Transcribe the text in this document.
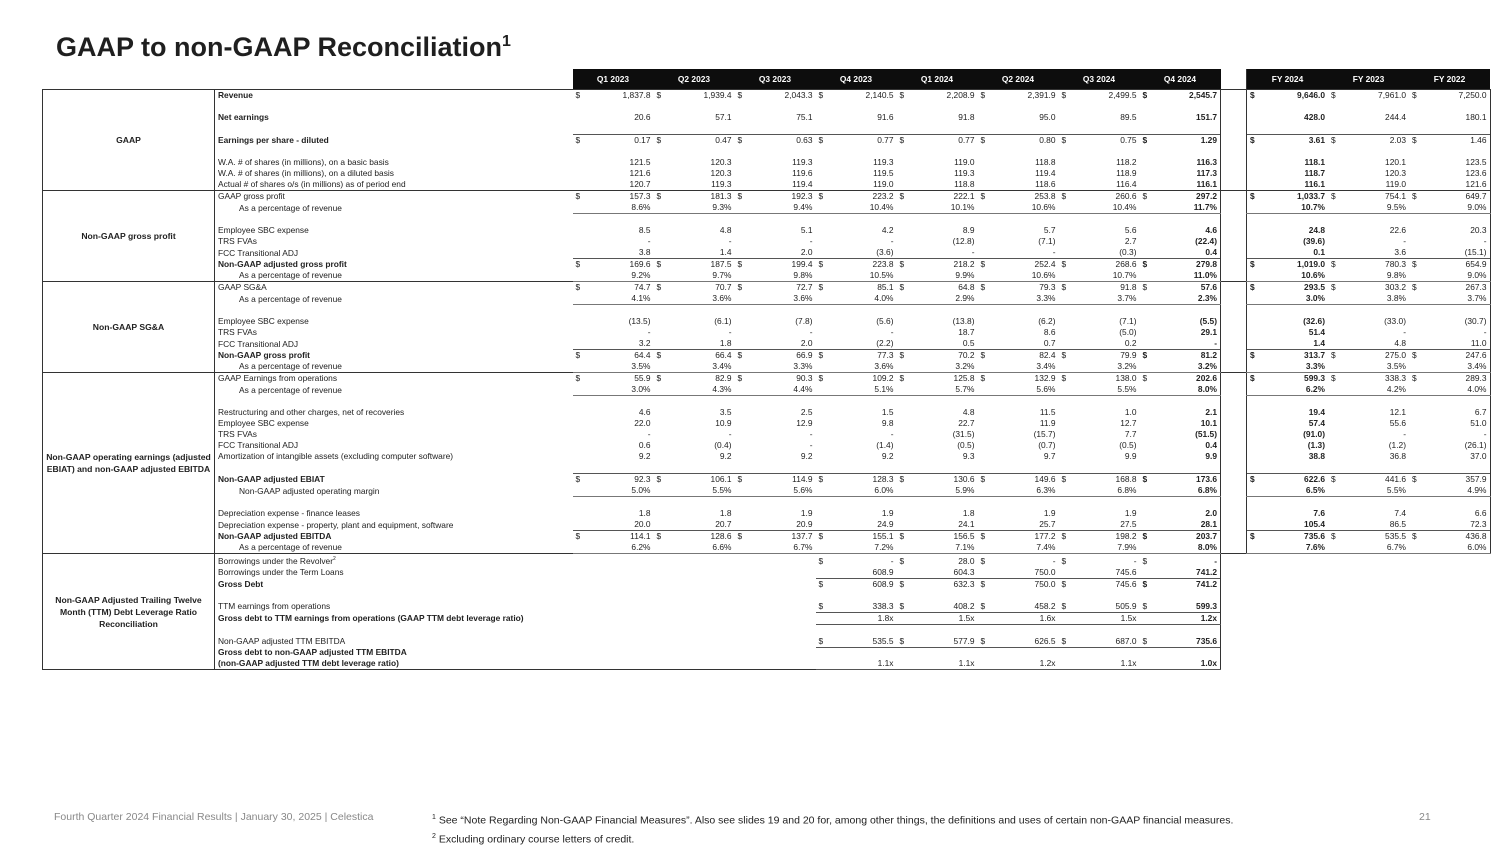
GAAP to non-GAAP Reconciliation$^1$
		Q1 2023		Q2 2023		Q3 2023		Q4 2023		Q1 2024		Q2 2024		Q3 2024		Q4 2024			FY 2024		FY 2023		FY 2022	
GAAP	Revenue	$	1,837.8	$	1,939.4	$	2,043.3	$	2,140.5	$	2,208.9	$	2,391.9	$	2,499.5	$	2,545.7		$	9,646.0	$	7,961.0	$	7,250.0

	Net earnings		20.6		57.1		75.1		91.6		91.8		95.0		89.5		151.7			428.0		244.4		180.1

	Earnings per share - diluted	$	0.17	$	0.47	$	0.63	$	0.77	$	0.77	$	0.80	$	0.75	$	1.29		$	3.61	$	2.03	$	1.46

	W.A. # of shares (in millions), on a basic basis		121.5		120.3		119.3		119.3		119.0		118.8		118.2		116.3			118.1		120.1		123.5
	W.A. # of shares (in millions), on a diluted basis		121.6		120.3		119.6		119.5		119.3		119.4		118.9		117.3			118.7		120.3		123.6
	Actual # of shares o/s (in millions) as of period end		120.7		119.3		119.4		119.0		118.8		118.6		116.4		116.1			116.1		119.0		121.6
Non-GAAP gross profit	GAAP gross profit	$	157.3	$	181.3	$	192.3	$	223.2	$	222.1	$	253.8	$	260.6	$	297.2		$	1,033.7	$	754.1	$	649.7
	As a percentage of revenue		8.6%		9.3%		9.4%		10.4%		10.1%		10.6%		10.4%		11.7%			10.7%		9.5%		9.0%

	Employee SBC expense		8.5		4.8		5.1		4.2		8.9		5.7		5.6		4.6			24.8		22.6		20.3
	TRS FVAs		-		-		-		-		(12.8)		(7.1)		2.7		(22.4)			(39.6)		-		-
	FCC Transitional ADJ		3.8		1.4		2.0		(3.6)		-		-		(0.3)		0.4			0.1		3.6		(15.1)
	Non-GAAP adjusted gross profit	$	169.6	$	187.5	$	199.4	$	223.8	$	218.2	$	252.4	$	268.6	$	279.8		$	1,019.0	$	780.3	$	654.9
	As a percentage of revenue		9.2%		9.7%		9.8%		10.5%		9.9%		10.6%		10.7%		11.0%			10.6%		9.8%		9.0%
Non-GAAP SG&A	GAAP SG&A	$	74.7	$	70.7	$	72.7	$	85.1	$	64.8	$	79.3	$	91.8	$	57.6		$	293.5	$	303.2	$	267.3
	As a percentage of revenue		4.1%		3.6%		3.6%		4.0%		2.9%		3.3%		3.7%		2.3%			3.0%		3.8%		3.7%

	Employee SBC expense		(13.5)		(6.1)		(7.8)		(5.6)		(13.8)		(6.2)		(7.1)		(5.5)			(32.6)		(33.0)		(30.7)
	TRS FVAs		-		-		-		-		18.7		8.6		(5.0)		29.1			51.4		-		-
	FCC Transitional ADJ		3.2		1.8		2.0		(2.2)		0.5		0.7		0.2		-			1.4		4.8		11.0
	Non-GAAP gross profit	$	64.4	$	66.4	$	66.9	$	77.3	$	70.2	$	82.4	$	79.9	$	81.2		$	313.7	$	275.0	$	247.6
	As a percentage of revenue		3.5%		3.4%		3.3%		3.6%		3.2%		3.4%		3.2%		3.2%			3.3%		3.5%		3.4%
Non-GAAP operating earnings (adjusted EBIAT) and non-GAAP adjusted EBITDA	GAAP Earnings from operations	$	55.9	$	82.9	$	90.3	$	109.2	$	125.8	$	132.9	$	138.0	$	202.6		$	599.3	$	338.3	$	289.3
	As a percentage of revenue		3.0%		4.3%		4.4%		5.1%		5.7%		5.6%		5.5%		8.0%			6.2%		4.2%		4.0%

	Restructuring and other charges, net of recoveries		4.6		3.5		2.5		1.5		4.8		11.5		1.0		2.1			19.4		12.1		6.7
	Employee SBC expense		22.0		10.9		12.9		9.8		22.7		11.9		12.7		10.1			57.4		55.6		51.0
	TRS FVAs		-		-		-		-		(31.5)		(15.7)		7.7		(51.5)			(91.0)		-		-
	FCC Transitional ADJ		0.6		(0.4)		-		(1.4)		(0.5)		(0.7)		(0.5)		0.4			(1.3)		(1.2)		(26.1)
	Amortization of intangible assets (excluding computer software)		9.2		9.2		9.2		9.2		9.3		9.7		9.9		9.9			38.8		36.8		37.0

	Non-GAAP adjusted EBIAT	$	92.3	$	106.1	$	114.9	$	128.3	$	130.6	$	149.6	$	168.8	$	173.6		$	622.6	$	441.6	$	357.9
	Non-GAAP adjusted operating margin		5.0%		5.5%		5.6%		6.0%		5.9%		6.3%		6.8%		6.8%			6.5%		5.5%		4.9%

	Depreciation expense - finance leases		1.8		1.8		1.9		1.9		1.8		1.9		1.9		2.0			7.6		7.4		6.6
	Depreciation expense - property, plant and equipment, software		20.0		20.7		20.9		24.9		24.1		25.7		27.5		28.1			105.4		86.5		72.3
	Non-GAAP adjusted EBITDA	$	114.1	$	128.6	$	137.7	$	155.1	$	156.5	$	177.2	$	198.2	$	203.7		$	735.6	$	535.5	$	436.8
	As a percentage of revenue		6.2%		6.6%		6.7%		7.2%		7.1%		7.4%		7.9%		8.0%			7.6%		6.7%		6.0%
Non-GAAP Adjusted Trailing Twelve Month (TTM) Debt Leverage Ratio Reconciliation	Borrowings under the Revolver$^2$							$	-	$	28.0	$	-	$	-	$	-							
	Borrowings under the Term Loans								608.9		604.3		750.0		745.6		741.2							
	Gross Debt							$	608.9	$	632.3	$	750.0	$	745.6	$	741.2							

	TTM earnings from operations							$	338.3	$	408.2	$	458.2	$	505.9	$	599.3							
	Gross debt to TTM earnings from operations (GAAP TTM debt leverage ratio)								1.8x		1.5x		1.6x		1.5x		1.2x							

	Non-GAAP adjusted TTM EBITDA							$	535.5	$	577.9	$	626.5	$	687.0	$	735.6							

	Gross debt to non-GAAP adjusted TTM EBITDA
(non-GAAP adjusted TTM debt leverage ratio)								1.1x		1.1x		1.2x		1.1x		1.0x							

Fourth Quarter 2024 Financial Results | January 30, 2025 | Celestica	$^1$ See “Note Regarding Non-GAAP Financial Measures”. Also see slides 19 and 20 for, among other things, the definitions and uses of certain non-GAAP financial measures.
$^2$ Excluding ordinary course letters of credit.
21
